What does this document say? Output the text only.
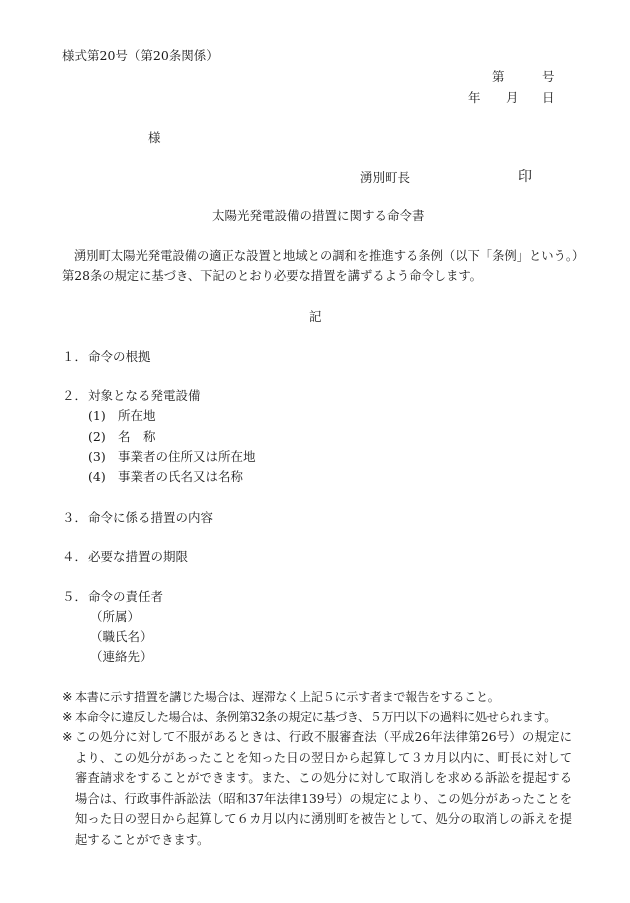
様式第20号（第20条関係）
第	号
年 月 日
様
湧別町長	印
太陽光発電設備の措置に関する命令書
湧別町太陽光発電設備の適正な設置と地域との調和を推進する条例（以下「条例」という。）
第28条の規定に基づき、下記のとおり必要な措置を講ずるよう命令します。
記
１． 命令の根拠
２． 対象となる発電設備
(1) 所在地
(2) 名　称
(3) 事業者の住所又は所在地
(4) 事業者の氏名又は名称
３． 命令に係る措置の内容
４． 必要な措置の期限
５． 命令の責任者
（所属）
（職氏名）
（連絡先）
※ 本書に示す措置を講じた場合は、遅滞なく上記５に示す者まで報告をすること。
※ 本命令に違反した場合は、条例第32条の規定に基づき、５万円以下の過料に処せられます。
※ この処分に対して不服があるときは、行政不服審査法（平成26年法律第26号）の規定により、この処分があったことを知った日の翌日から起算して３カ月以内に、町長に対して審査請求をすることができます。また、この処分に対して取消しを求める訴訟を提起する場合は、行政事件訴訟法（昭和37年法律139号）の規定により、この処分があったことを知った日の翌日から起算して６カ月以内に湧別町を被告として、処分の取消しの訴えを提起することができます。
